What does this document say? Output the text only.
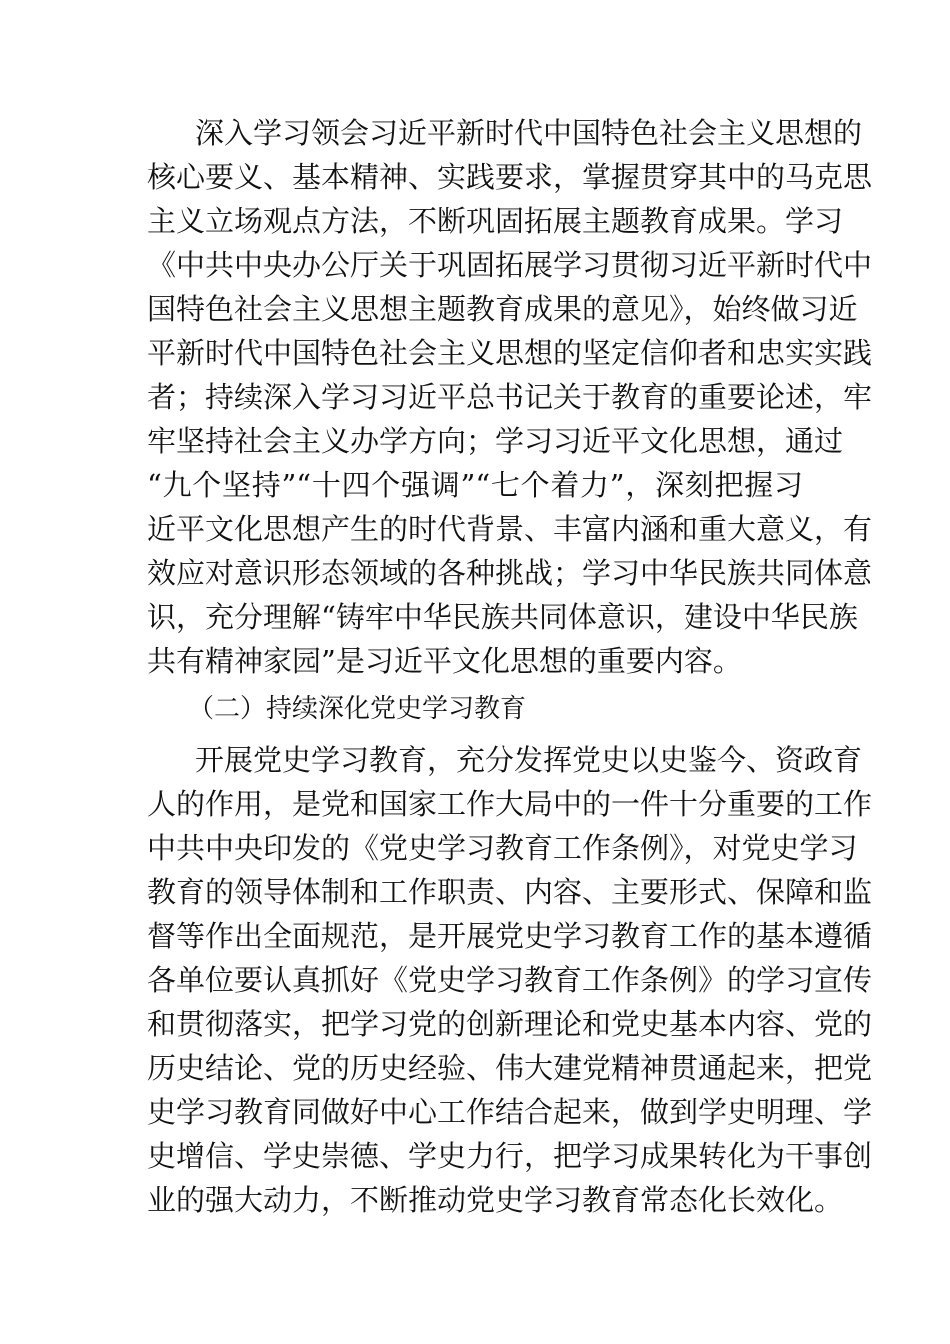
深入学习领会习近平新时代中国特色社会主义思想的
核心要义、基本精神、实践要求，掌握贯穿其中的马克思
主义立场观点方法，不断巩固拓展主题教育成果。学习
《中共中央办公厅关于巩固拓展学习贯彻习近平新时代中
国特色社会主义思想主题教育成果的意见》，始终做习近
平新时代中国特色社会主义思想的坚定信仰者和忠实实践
者；持续深入学习习近平总书记关于教育的重要论述，牢
牢坚持社会主义办学方向；学习习近平文化思想，通过
“九个坚持”“十四个强调”“七个着力”，深刻把握习
近平文化思想产生的时代背景、丰富内涵和重大意义，有
效应对意识形态领域的各种挑战；学习中华民族共同体意
识，充分理解“铸牢中华民族共同体意识，建设中华民族
共有精神家园”是习近平文化思想的重要内容。
（二）持续深化党史学习教育
开展党史学习教育，充分发挥党史以史鉴今、资政育
人的作用，是党和国家工作大局中的一件十分重要的工作
中共中央印发的《党史学习教育工作条例》，对党史学习
教育的领导体制和工作职责、内容、主要形式、保障和监
督等作出全面规范，是开展党史学习教育工作的基本遵循
各单位要认真抓好《党史学习教育工作条例》的学习宣传
和贯彻落实，把学习党的创新理论和党史基本内容、党的
历史结论、党的历史经验、伟大建党精神贯通起来，把党
史学习教育同做好中心工作结合起来，做到学史明理、学
史增信、学史崇德、学史力行，把学习成果转化为干事创
业的强大动力，不断推动党史学习教育常态化长效化。
